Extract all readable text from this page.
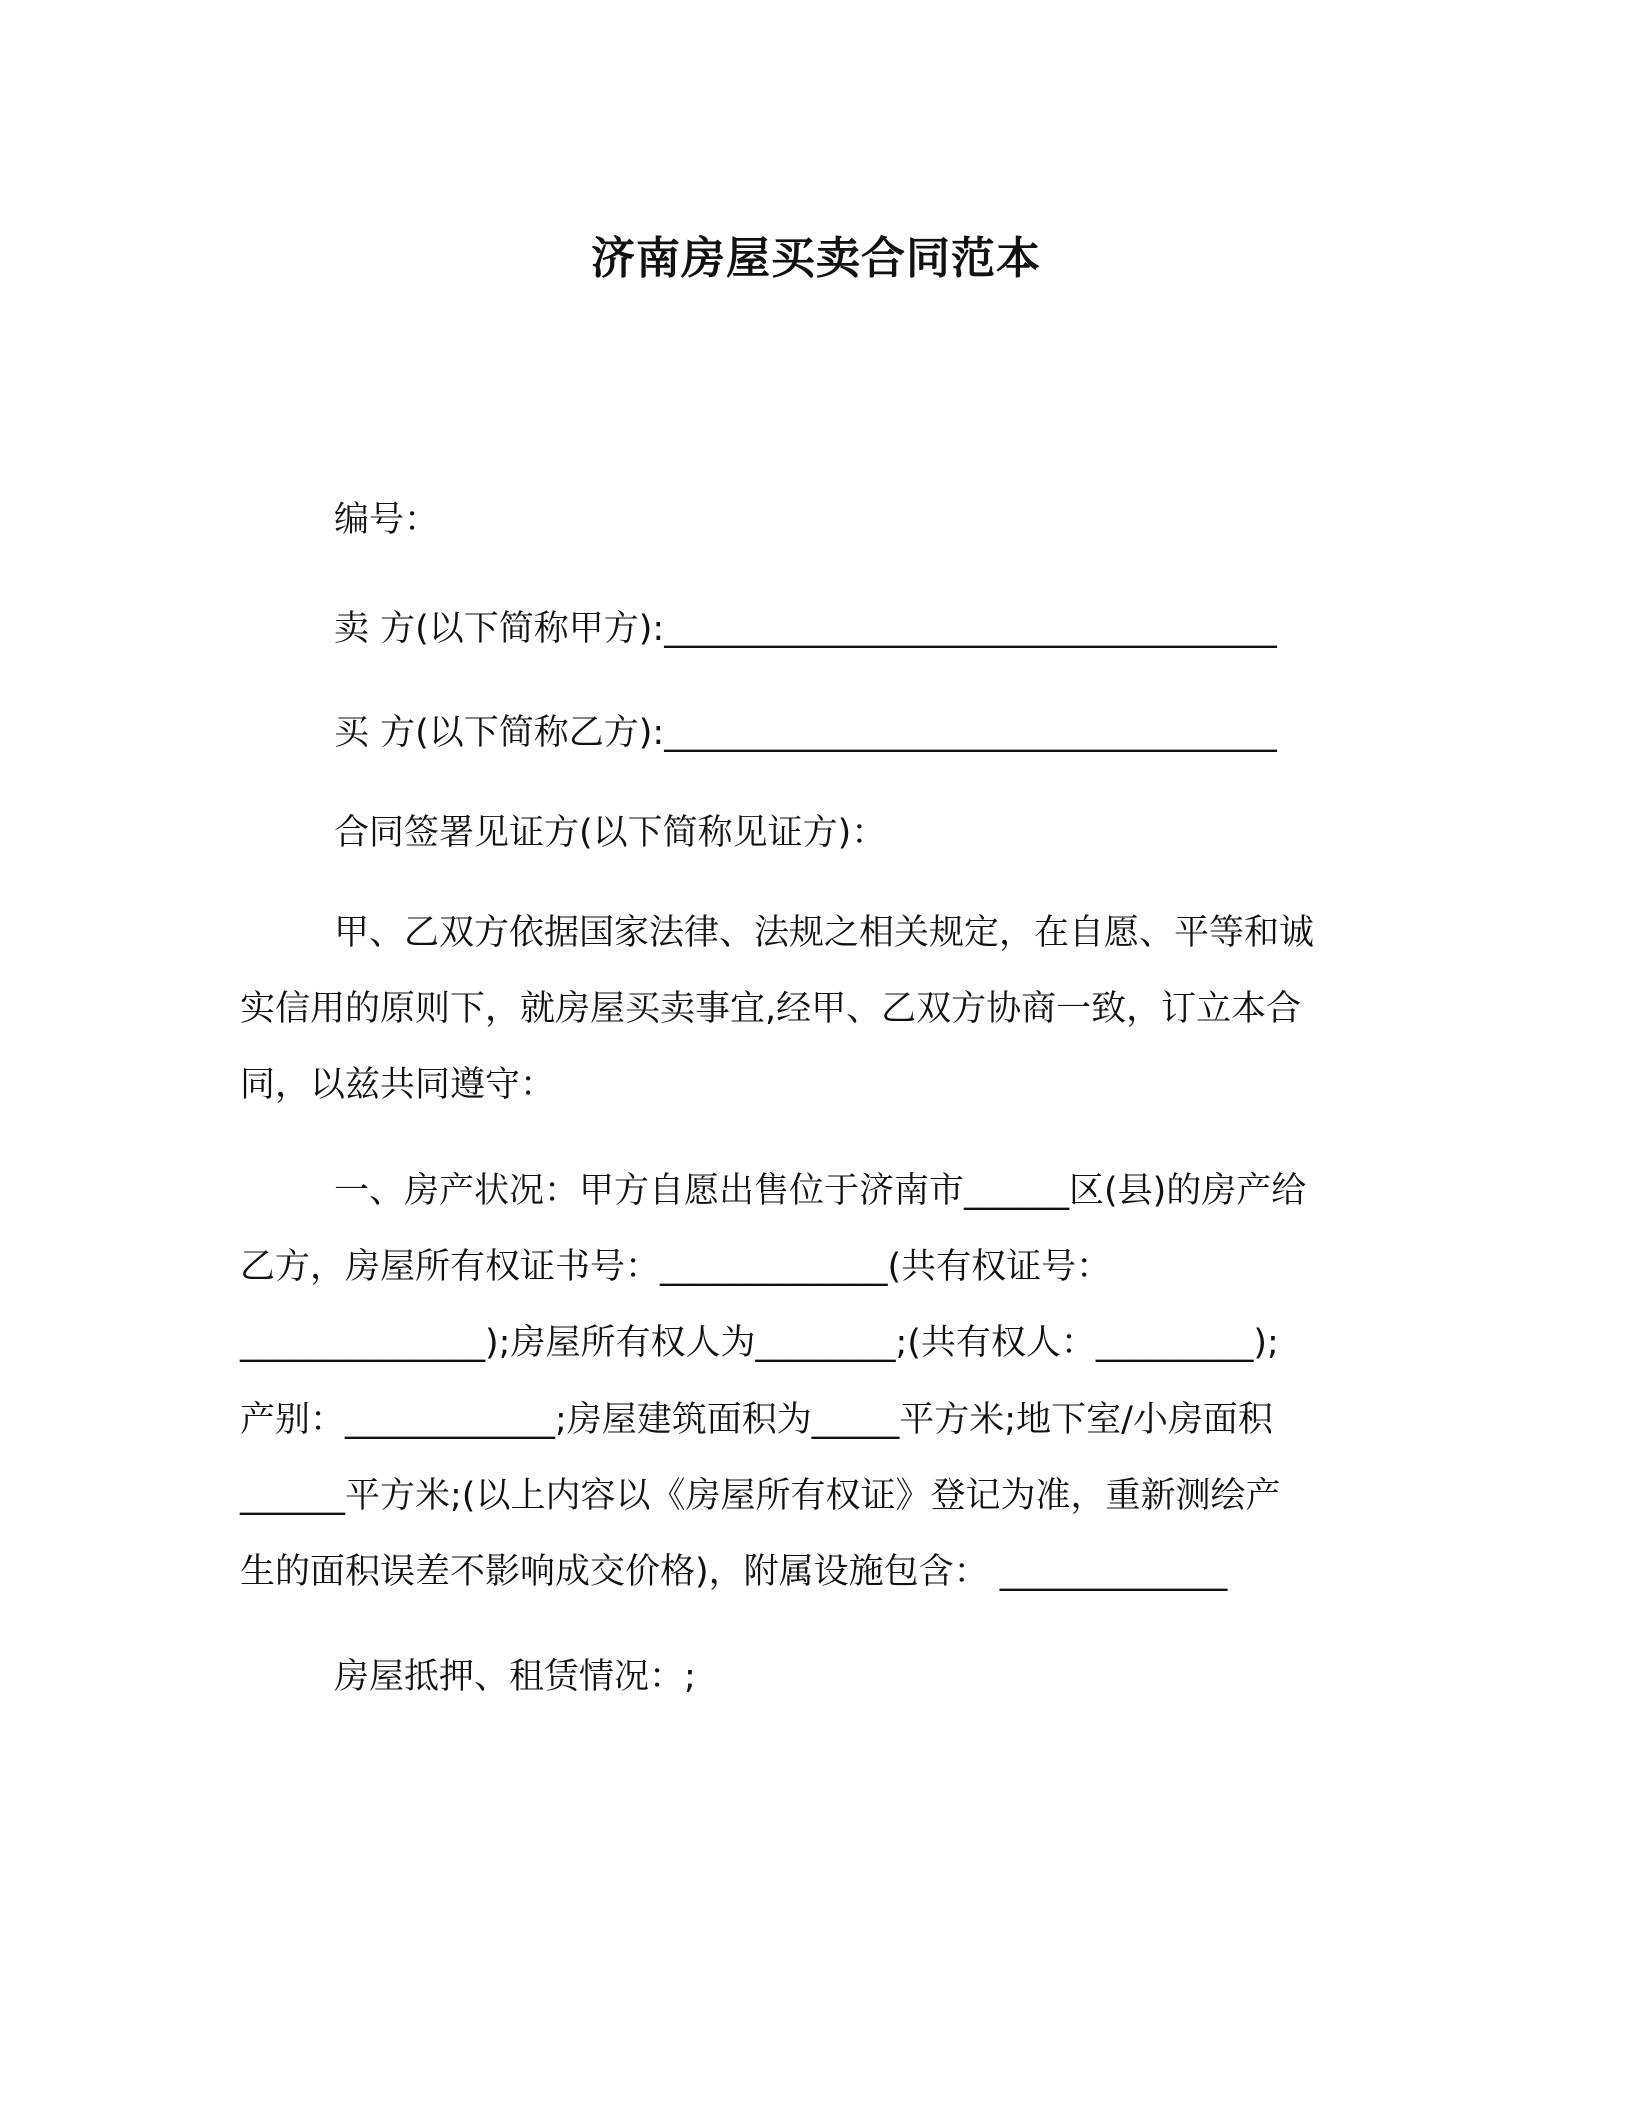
济南房屋买卖合同范本
编号：
卖 方(以下简称甲方):___________________________________
买 方(以下简称乙方):___________________________________
合同签署见证方(以下简称见证方)：
甲、乙双方依据国家法律、法规之相关规定，在自愿、平等和诚
实信用的原则下，就房屋买卖事宜,经甲、乙双方协商一致，订立本合
同，以兹共同遵守：
一、房产状况：甲方自愿出售位于济南市______区(县)的房产给
乙方，房屋所有权证书号：_____________(共有权证号：
______________);房屋所有权人为________;(共有权人：_________);
产别：____________;房屋建筑面积为_____平方米;地下室/小房面积
______平方米;(以上内容以《房屋所有权证》登记为准，重新测绘产
生的面积误差不影响成交价格)，附属设施包含： _____________
房屋抵押、租赁情况：;
